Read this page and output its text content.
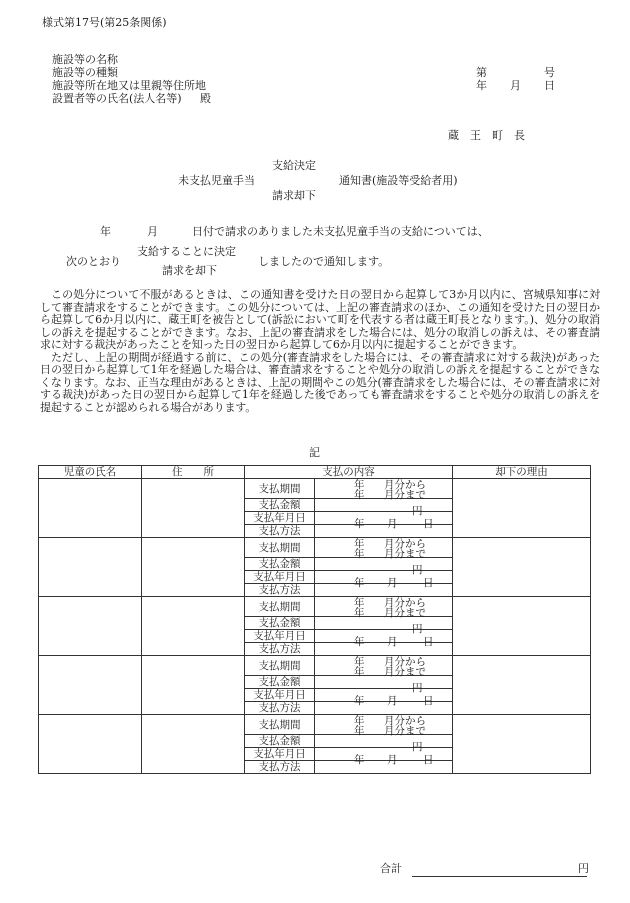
様式第17号(第25条関係)
施設等の名称
施設等の種類
施設等所在地又は里親等住所地
設置者等の氏名(法人名等) 殿
第	号
年 月 日
蔵　王　町　長
支給決定
未支払児童手当
請求却下
通知書(施設等受給者用)
年	月	日付で請求のありました未支払児童手当の支給については、
支給することに決定
次のとおり	しましたので通知します。
請求を却下

この処分について不服があるときは、この通知書を受けた日の翌日から起算して3か月以内に、宮城県知事に対して審査請求をすることができます。この処分については、上記の審査請求のほか、この通知を受けた日の翌日から起算して6か月以内に、蔵王町を被告として(訴訟において町を代表する者は蔵王町長となります。)、処分の取消しの訴えを提起することができます。なお、上記の審査請求をした場合には、処分の取消しの訴えは、その審査請求に対する裁決があったことを知った日の翌日から起算して6か月以内に提起することができます。

ただし、上記の期間が経過する前に、この処分(審査請求をした場合には、その審査請求に対する裁決)があった日の翌日から起算して1年を経過した場合は、審査請求をすることや処分の取消しの訴えを提起することができなくなります。なお、正当な理由があるときは、上記の期間やこの処分(審査請求をした場合には、その審査請求に対する裁決)があった日の翌日から起算して1年を経過した後であっても審査請求をすることや処分の取消しの訴えを提起することが認められる場合があります。

記
児童の氏名	住　　所	支払の内容		却下の理由
		支払期間	年 月分から
年 月分まで	

		支払金額	円	

		支払年月日	年 月 日	

		支払方法		
		支払期間	年 月分から
年 月分まで	

		支払金額	円	

		支払年月日	年 月 日	

		支払方法		
		支払期間	年 月分から
年 月分まで	

		支払金額	円	

		支払年月日	年 月 日	

		支払方法		
		支払期間	年 月分から
年 月分まで	

		支払金額	円	

		支払年月日	年 月 日	

		支払方法		
		支払期間	年 月分から
年 月分まで	

		支払金額	円	

		支払年月日	年 月 日	

		支払方法		
合計	円
